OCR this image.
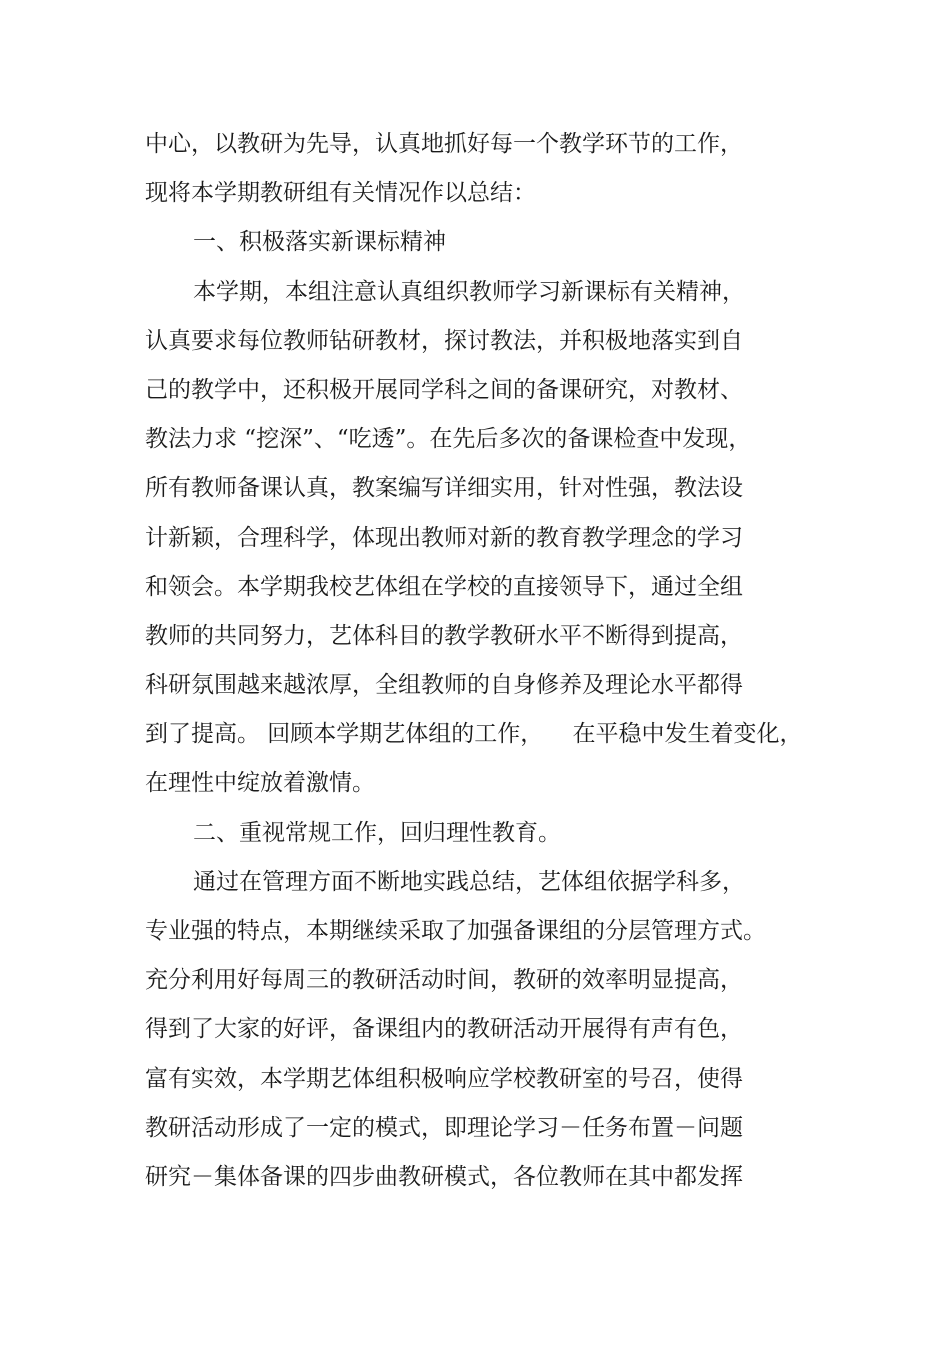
中心，以教研为先导，认真地抓好每一个教学环节的工作，
现将本学期教研组有关情况作以总结：
一、积极落实新课标精神
本学期，本组注意认真组织教师学习新课标有关精神，
认真要求每位教师钻研教材，探讨教法，并积极地落实到自
己的教学中，还积极开展同学科之间的备课研究，对教材、
教法力求 “挖深”、“吃透”。在先后多次的备课检查中发现，
所有教师备课认真，教案编写详细实用，针对性强，教法设
计新颖，合理科学，体现出教师对新的教育教学理念的学习
和领会。本学期我校艺体组在学校的直接领导下，通过全组
教师的共同努力，艺体科目的教学教研水平不断得到提高，
科研氛围越来越浓厚，全组教师的自身修养及理论水平都得
到了提高。 回顾本学期艺体组的工作，    在平稳中发生着变化，
在理性中绽放着激情。
二、重视常规工作，回归理性教育。
通过在管理方面不断地实践总结，艺体组依据学科多，
专业强的特点，本期继续采取了加强备课组的分层管理方式。
充分利用好每周三的教研活动时间，教研的效率明显提高，
得到了大家的好评，备课组内的教研活动开展得有声有色，
富有实效，本学期艺体组积极响应学校教研室的号召，使得
教研活动形成了一定的模式，即理论学习－任务布置－问题
研究－集体备课的四步曲教研模式，各位教师在其中都发挥
